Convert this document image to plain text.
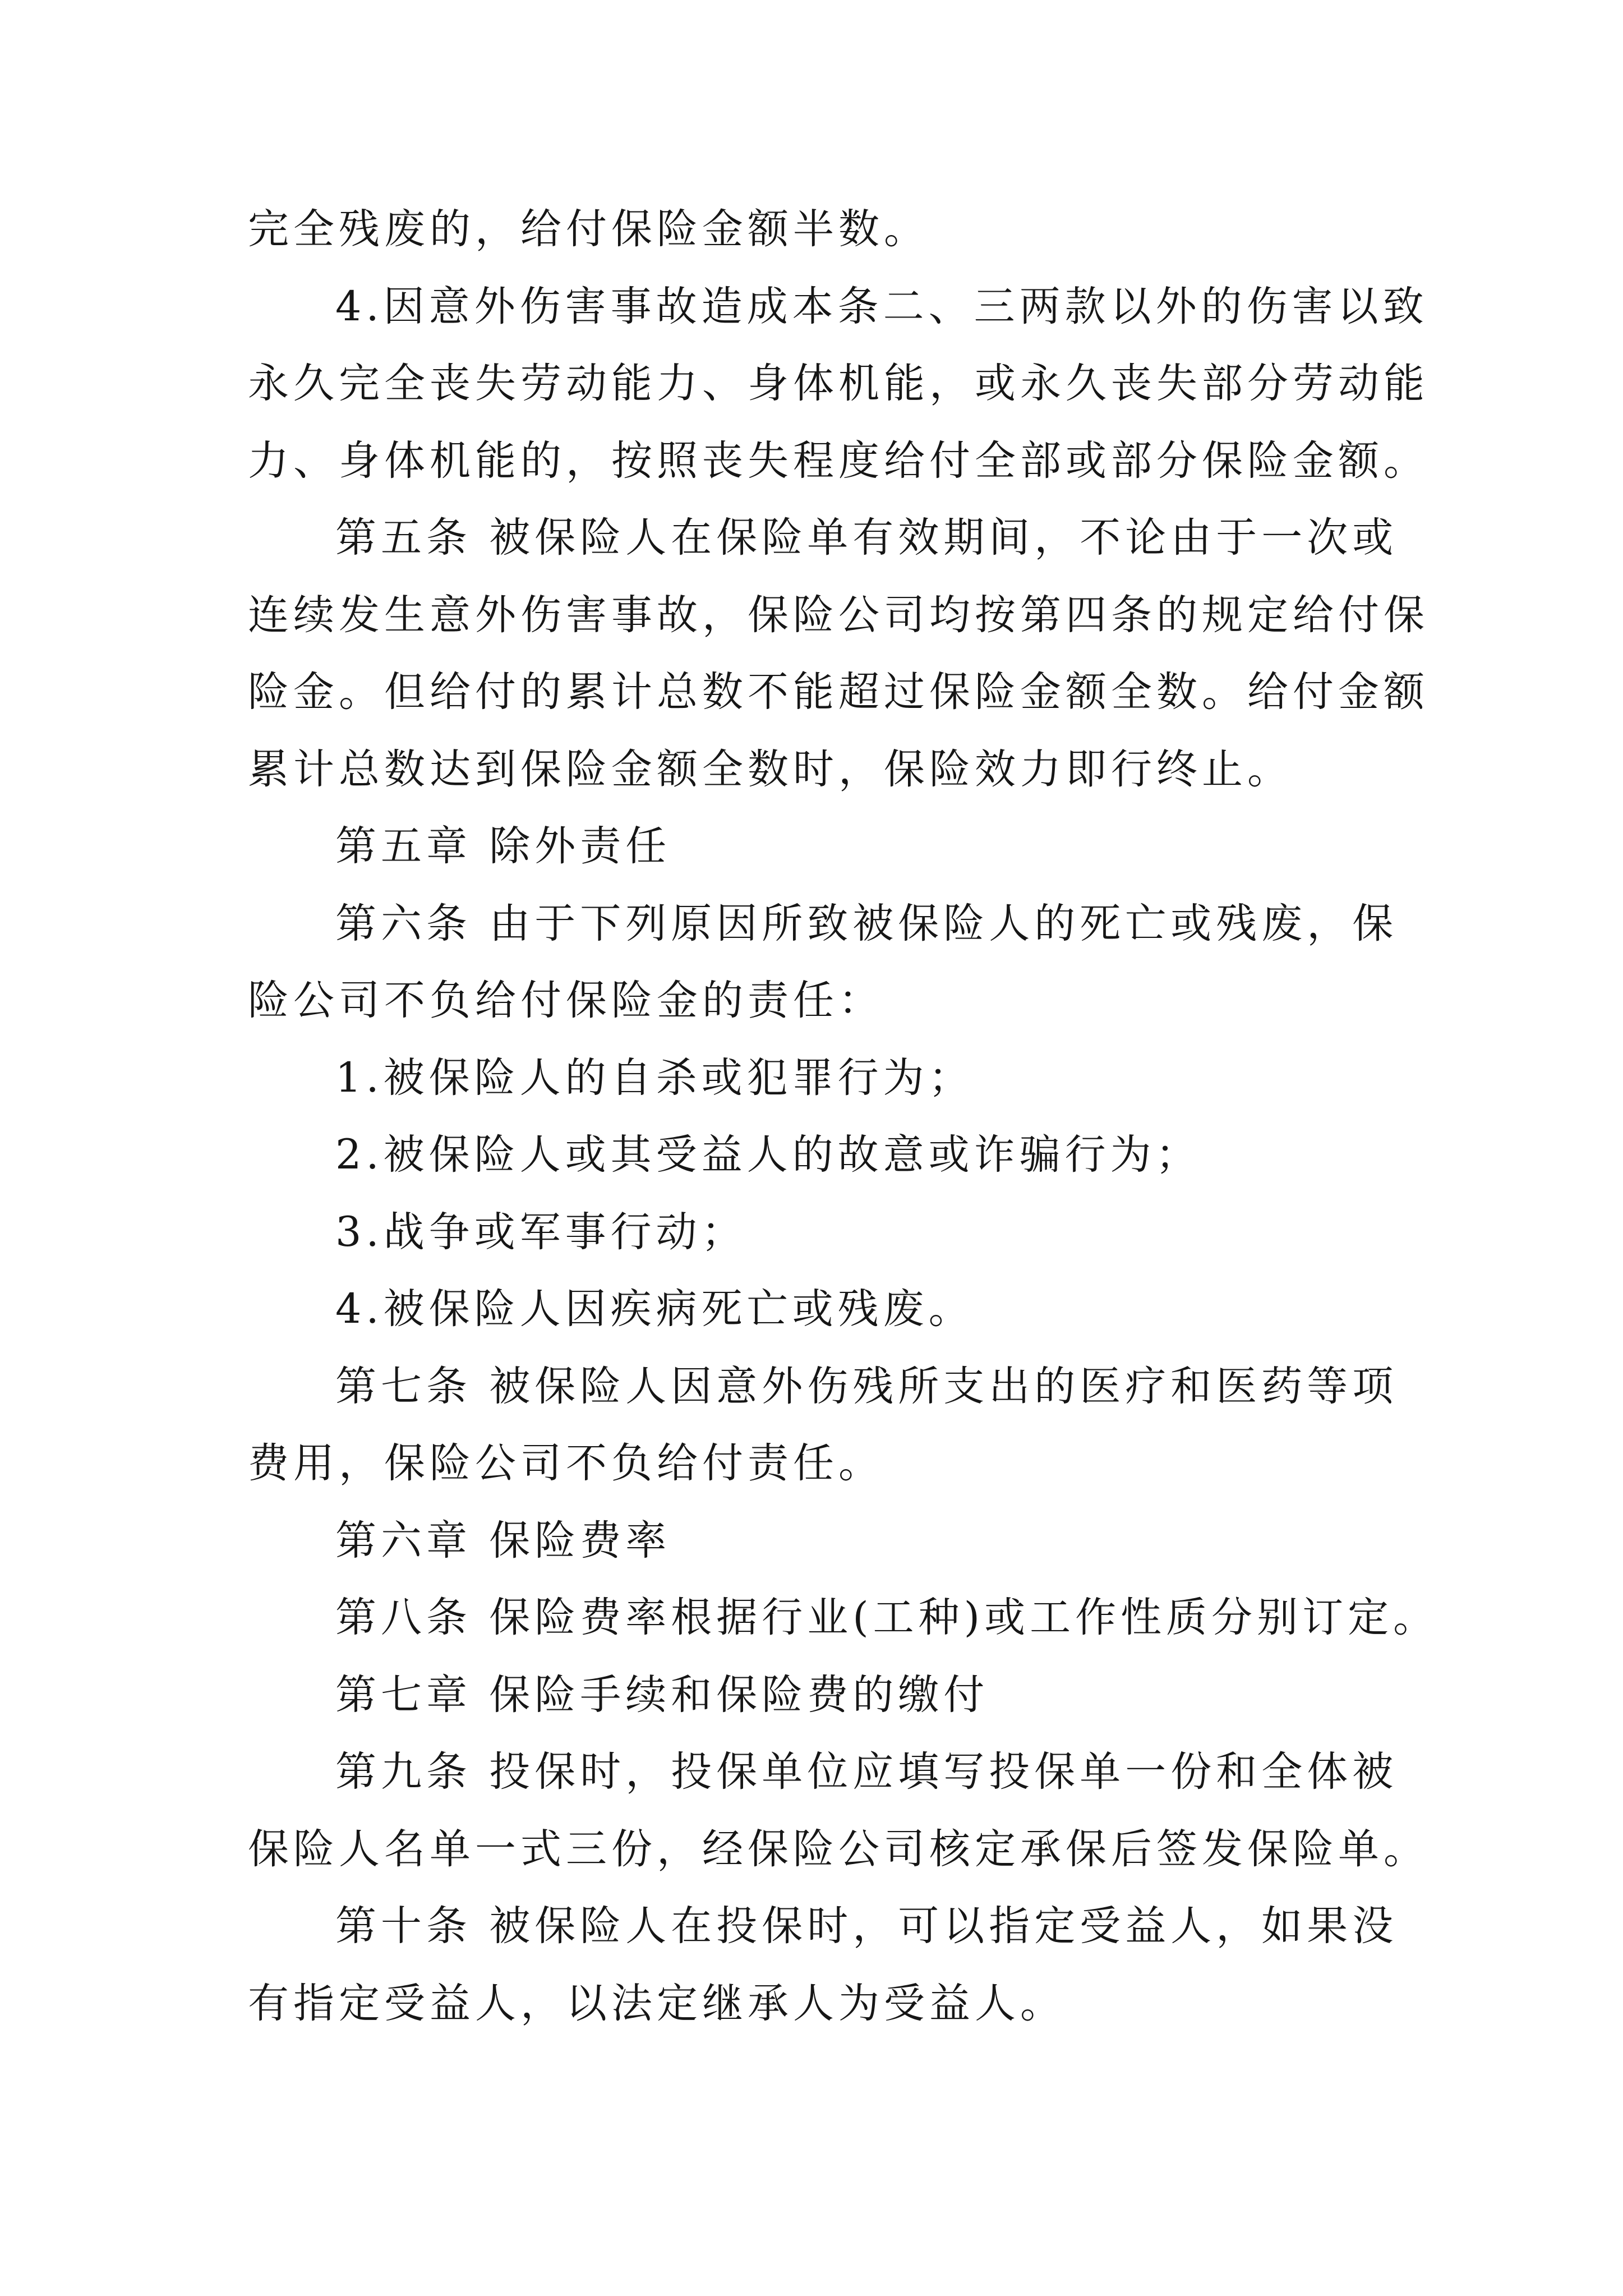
完全残废的，给付保险金额半数。
4.因意外伤害事故造成本条二、三两款以外的伤害以致
永久完全丧失劳动能力、身体机能，或永久丧失部分劳动能
力、身体机能的，按照丧失程度给付全部或部分保险金额。
第五条 被保险人在保险单有效期间，不论由于一次或
连续发生意外伤害事故，保险公司均按第四条的规定给付保
险金。但给付的累计总数不能超过保险金额全数。给付金额
累计总数达到保险金额全数时，保险效力即行终止。
第五章 除外责任
第六条 由于下列原因所致被保险人的死亡或残废，保
险公司不负给付保险金的责任：
1.被保险人的自杀或犯罪行为；
2.被保险人或其受益人的故意或诈骗行为；
3.战争或军事行动；
4.被保险人因疾病死亡或残废。
第七条 被保险人因意外伤残所支出的医疗和医药等项
费用，保险公司不负给付责任。
第六章 保险费率
第八条 保险费率根据行业(工种)或工作性质分别订定。
第七章 保险手续和保险费的缴付
第九条 投保时，投保单位应填写投保单一份和全体被
保险人名单一式三份，经保险公司核定承保后签发保险单。
第十条 被保险人在投保时，可以指定受益人，如果没
有指定受益人，以法定继承人为受益人。
